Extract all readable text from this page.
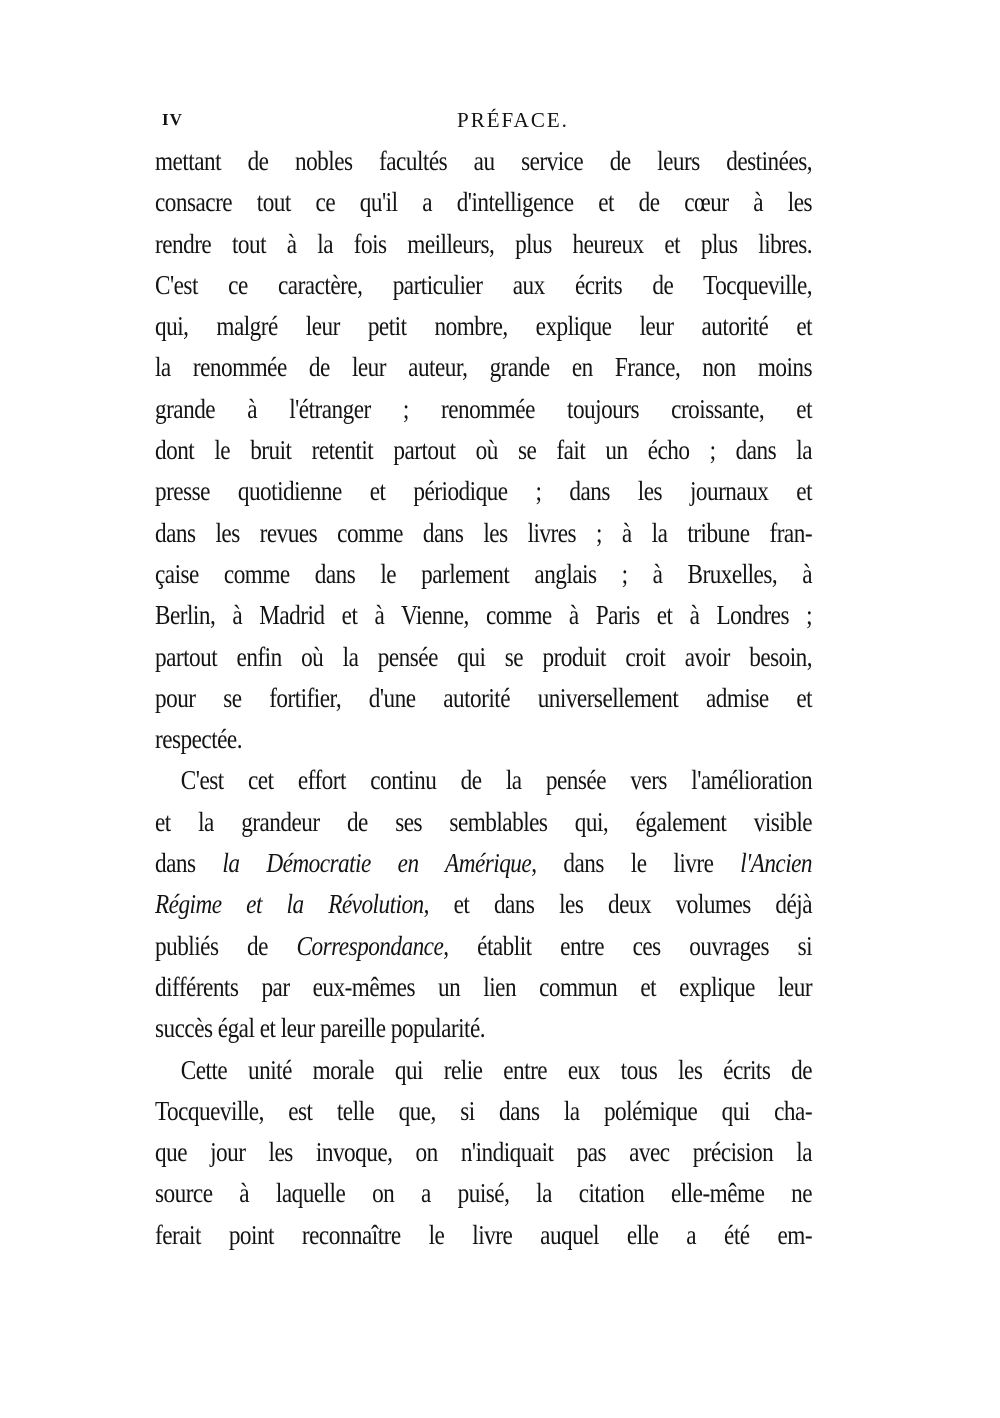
IV	PRÉFACE.
mettant de nobles facultés au service de leurs destinées,
consacre tout ce qu'il a d'intelligence et de cœur à les
rendre tout à la fois meilleurs, plus heureux et plus libres.
C'est ce caractère, particulier aux écrits de Tocqueville,
qui, malgré leur petit nombre, explique leur autorité et
la renommée de leur auteur, grande en France, non moins
grande à l'étranger ; renommée toujours croissante, et
dont le bruit retentit partout où se fait un écho ; dans la
presse quotidienne et périodique ; dans les journaux et
dans les revues comme dans les livres ; à la tribune fran-
çaise comme dans le parlement anglais ; à Bruxelles, à
Berlin, à Madrid et à Vienne, comme à Paris et à Londres ;
partout enfin où la pensée qui se produit croit avoir besoin,
pour se fortifier, d'une autorité universellement admise et
respectée.
C'est cet effort continu de la pensée vers l'amélioration
et la grandeur de ses semblables qui, également visible
dans la Démocratie en Amérique, dans le livre l'Ancien
Régime et la Révolution, et dans les deux volumes déjà
publiés de Correspondance, établit entre ces ouvrages si
différents par eux-mêmes un lien commun et explique leur
succès égal et leur pareille popularité.
Cette unité morale qui relie entre eux tous les écrits de
Tocqueville, est telle que, si dans la polémique qui cha-
que jour les invoque, on n'indiquait pas avec précision la
source à laquelle on a puisé, la citation elle-même ne
ferait point reconnaître le livre auquel elle a été em-
